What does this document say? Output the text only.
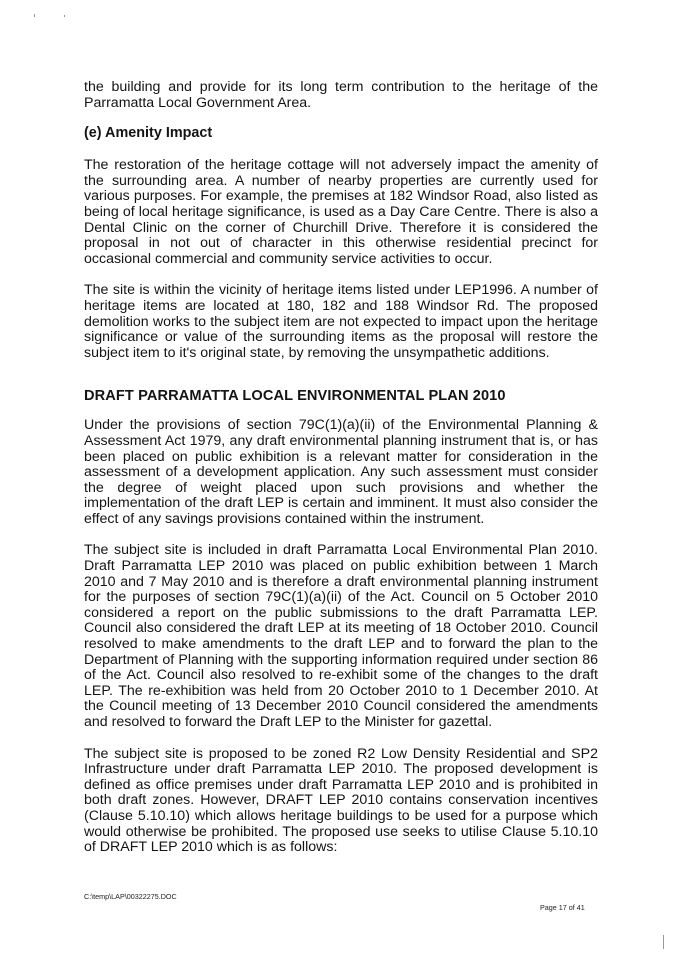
the building and provide for its long term contribution to the heritage of the Parramatta Local Government Area.

(e) Amenity Impact

The restoration of the heritage cottage will not adversely impact the amenity of the surrounding area. A number of nearby properties are currently used for various purposes. For example, the premises at 182 Windsor Road, also listed as being of local heritage significance, is used as a Day Care Centre. There is also a Dental Clinic on the corner of Churchill Drive. Therefore it is considered the proposal in not out of character in this otherwise residential precinct for occasional commercial and community service activities to occur.

The site is within the vicinity of heritage items listed under LEP1996. A number of heritage items are located at 180, 182 and 188 Windsor Rd. The proposed demolition works to the subject item are not expected to impact upon the heritage significance or value of the surrounding items as the proposal will restore the subject item to it's original state, by removing the unsympathetic additions.

DRAFT PARRAMATTA LOCAL ENVIRONMENTAL PLAN 2010

Under the provisions of section 79C(1)(a)(ii) of the Environmental Planning & Assessment Act 1979, any draft environmental planning instrument that is, or has been placed on public exhibition is a relevant matter for consideration in the assessment of a development application. Any such assessment must consider the degree of weight placed upon such provisions and whether the implementation of the draft LEP is certain and imminent. It must also consider the effect of any savings provisions contained within the instrument.

The subject site is included in draft Parramatta Local Environmental Plan 2010. Draft Parramatta LEP 2010 was placed on public exhibition between 1 March 2010 and 7 May 2010 and is therefore a draft environmental planning instrument for the purposes of section 79C(1)(a)(ii) of the Act. Council on 5 October 2010 considered a report on the public submissions to the draft Parramatta LEP. Council also considered the draft LEP at its meeting of 18 October 2010. Council resolved to make amendments to the draft LEP and to forward the plan to the Department of Planning with the supporting information required under section 86 of the Act. Council also resolved to re-exhibit some of the changes to the draft LEP. The re-exhibition was held from 20 October 2010 to 1 December 2010. At the Council meeting of 13 December 2010 Council considered the amendments and resolved to forward the Draft LEP to the Minister for gazettal.

The subject site is proposed to be zoned R2 Low Density Residential and SP2 Infrastructure under draft Parramatta LEP 2010. The proposed development is defined as office premises under draft Parramatta LEP 2010 and is prohibited in both draft zones. However, DRAFT LEP 2010 contains conservation incentives (Clause 5.10.10) which allows heritage buildings to be used for a purpose which would otherwise be prohibited. The proposed use seeks to utilise Clause 5.10.10 of DRAFT LEP 2010 which is as follows:

C:\temp\LAP\00322275.DOC
Page 17 of 41
